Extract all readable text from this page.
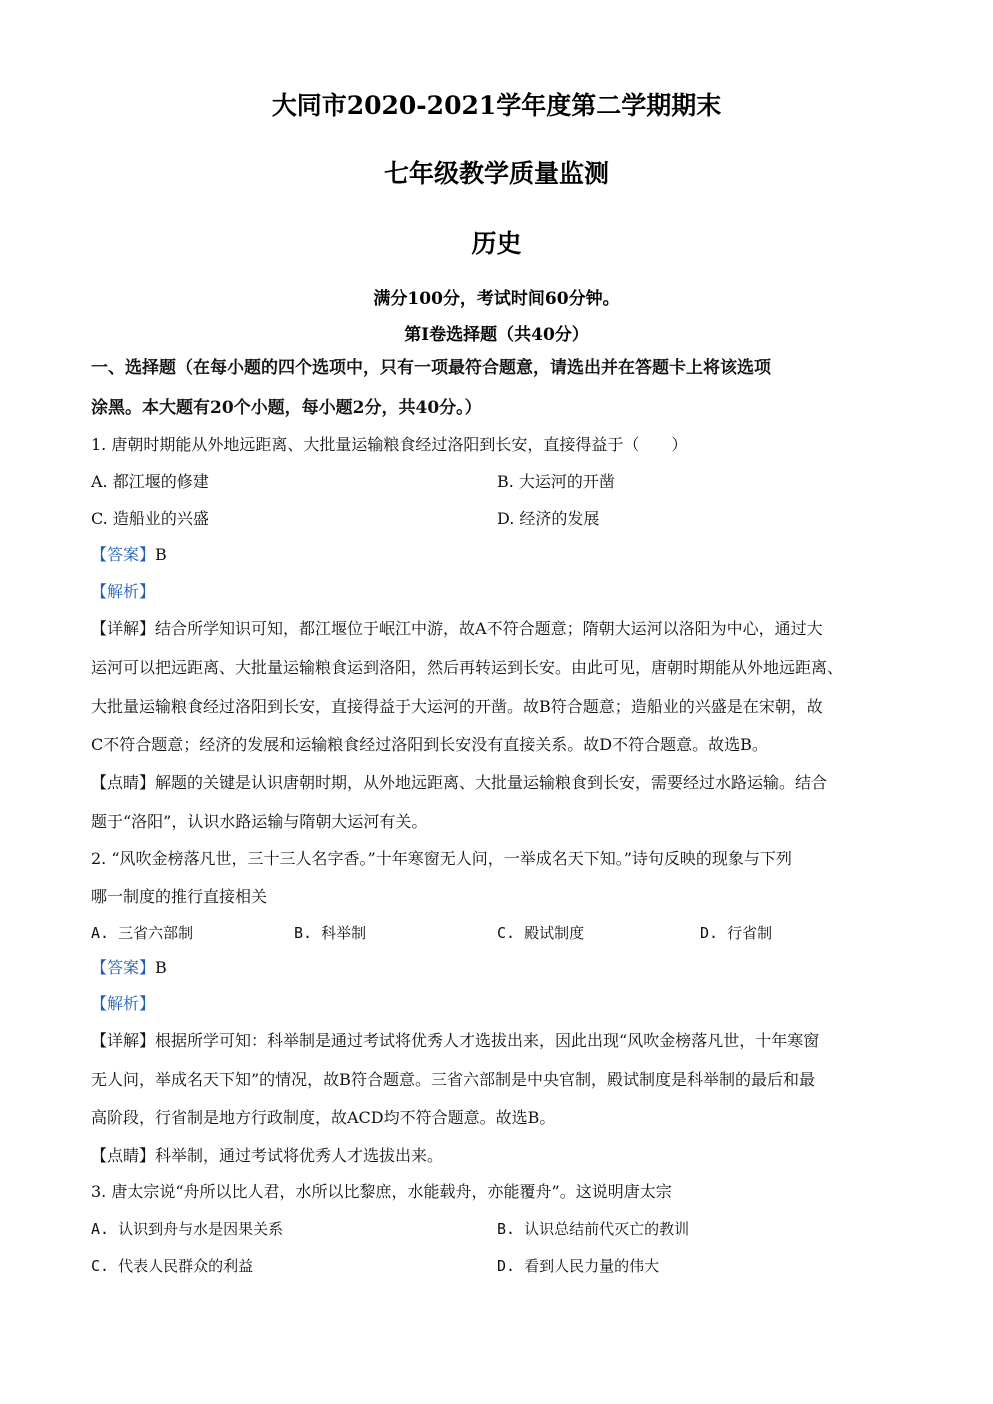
大同市2020-2021学年度第二学期期末
七年级教学质量监测
历史
满分100分，考试时间60分钟。
第Ⅰ卷选择题（共40分）
一、选择题（在每小题的四个选项中，只有一项最符合题意，请选出并在答题卡上将该选项
涂黑。本大题有20个小题，每小题2分，共40分。）
1. 唐朝时期能从外地远距离、大批量运输粮食经过洛阳到长安，直接得益于（　　）
A. 都江堰的修建	B. 大运河的开凿
C. 造船业的兴盛	D. 经济的发展
【答案】B
【解析】
【详解】结合所学知识可知，都江堰位于岷江中游，故A不符合题意；隋朝大运河以洛阳为中心，通过大
运河可以把远距离、大批量运输粮食运到洛阳，然后再转运到长安。由此可见，唐朝时期能从外地远距离、
大批量运输粮食经过洛阳到长安，直接得益于大运河的开凿。故B符合题意；造船业的兴盛是在宋朝，故
C不符合题意；经济的发展和运输粮食经过洛阳到长安没有直接关系。故D不符合题意。故选B。
【点睛】解题的关键是认识唐朝时期，从外地远距离、大批量运输粮食到长安，需要经过水路运输。结合
题于“洛阳”，认识水路运输与隋朝大运河有关。
2. “风吹金榜落凡世，三十三人名字香。”十年寒窗无人问，一举成名天下知。”诗句反映的现象与下列
哪一制度的推行直接相关
A. 三省六部制	B. 科举制	C. 殿试制度	D. 行省制
【答案】B
【解析】
【详解】根据所学可知：科举制是通过考试将优秀人才选拔出来，因此出现“风吹金榜落凡世，十年寒窗
无人问，举成名天下知”的情况，故B符合题意。三省六部制是中央官制，殿试制度是科举制的最后和最
高阶段，行省制是地方行政制度，故ACD均不符合题意。故选B。
【点睛】科举制，通过考试将优秀人才选拔出来。
3. 唐太宗说“舟所以比人君，水所以比黎庶，水能载舟，亦能覆舟”。这说明唐太宗
A. 认识到舟与水是因果关系	B. 认识总结前代灭亡的教训
C. 代表人民群众的利益	D. 看到人民力量的伟大
